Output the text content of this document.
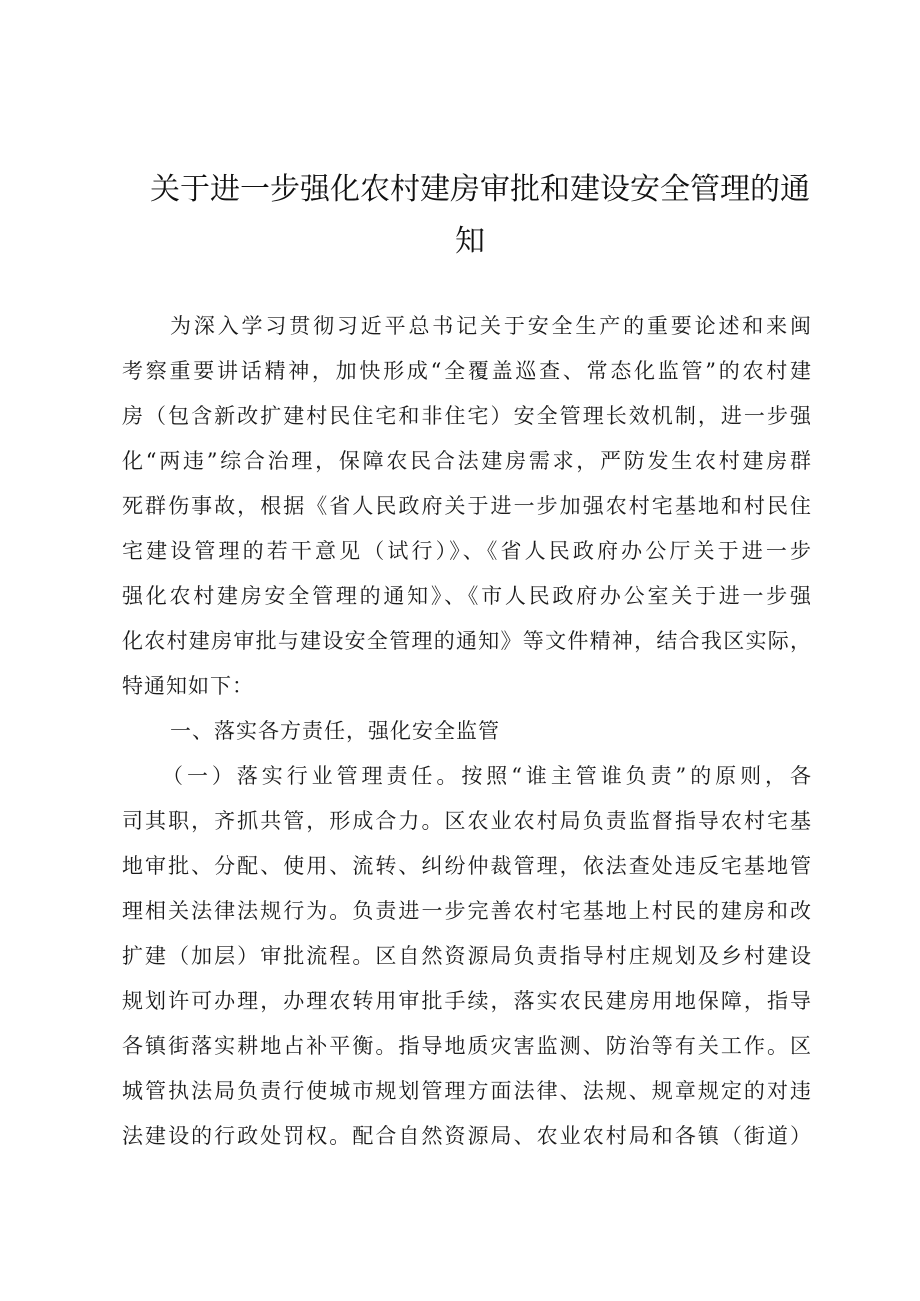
关于进一步强化农村建房审批和建设安全管理的通
知
为深入学习贯彻习近平总书记关于安全生产的重要论述和来闽
考察重要讲话精神，加快形成“全覆盖巡查、常态化监管”的农村建
房（包含新改扩建村民住宅和非住宅）安全管理长效机制，进一步强
化“两违”综合治理，保障农民合法建房需求，严防发生农村建房群
死群伤事故，根据《省人民政府关于进一步加强农村宅基地和村民住
宅建设管理的若干意见（试行）》、《省人民政府办公厅关于进一步
强化农村建房安全管理的通知》、《市人民政府办公室关于进一步强
化农村建房审批与建设安全管理的通知》等文件精神，结合我区实际，
特通知如下：
一、落实各方责任，强化安全监管
（一）落实行业管理责任。按照“谁主管谁负责”的原则，各
司其职，齐抓共管，形成合力。区农业农村局负责监督指导农村宅基
地审批、分配、使用、流转、纠纷仲裁管理，依法查处违反宅基地管
理相关法律法规行为。负责进一步完善农村宅基地上村民的建房和改
扩建（加层）审批流程。区自然资源局负责指导村庄规划及乡村建设
规划许可办理，办理农转用审批手续，落实农民建房用地保障，指导
各镇街落实耕地占补平衡。指导地质灾害监测、防治等有关工作。区
城管执法局负责行使城市规划管理方面法律、法规、规章规定的对违
法建设的行政处罚权。配合自然资源局、农业农村局和各镇（街道）
